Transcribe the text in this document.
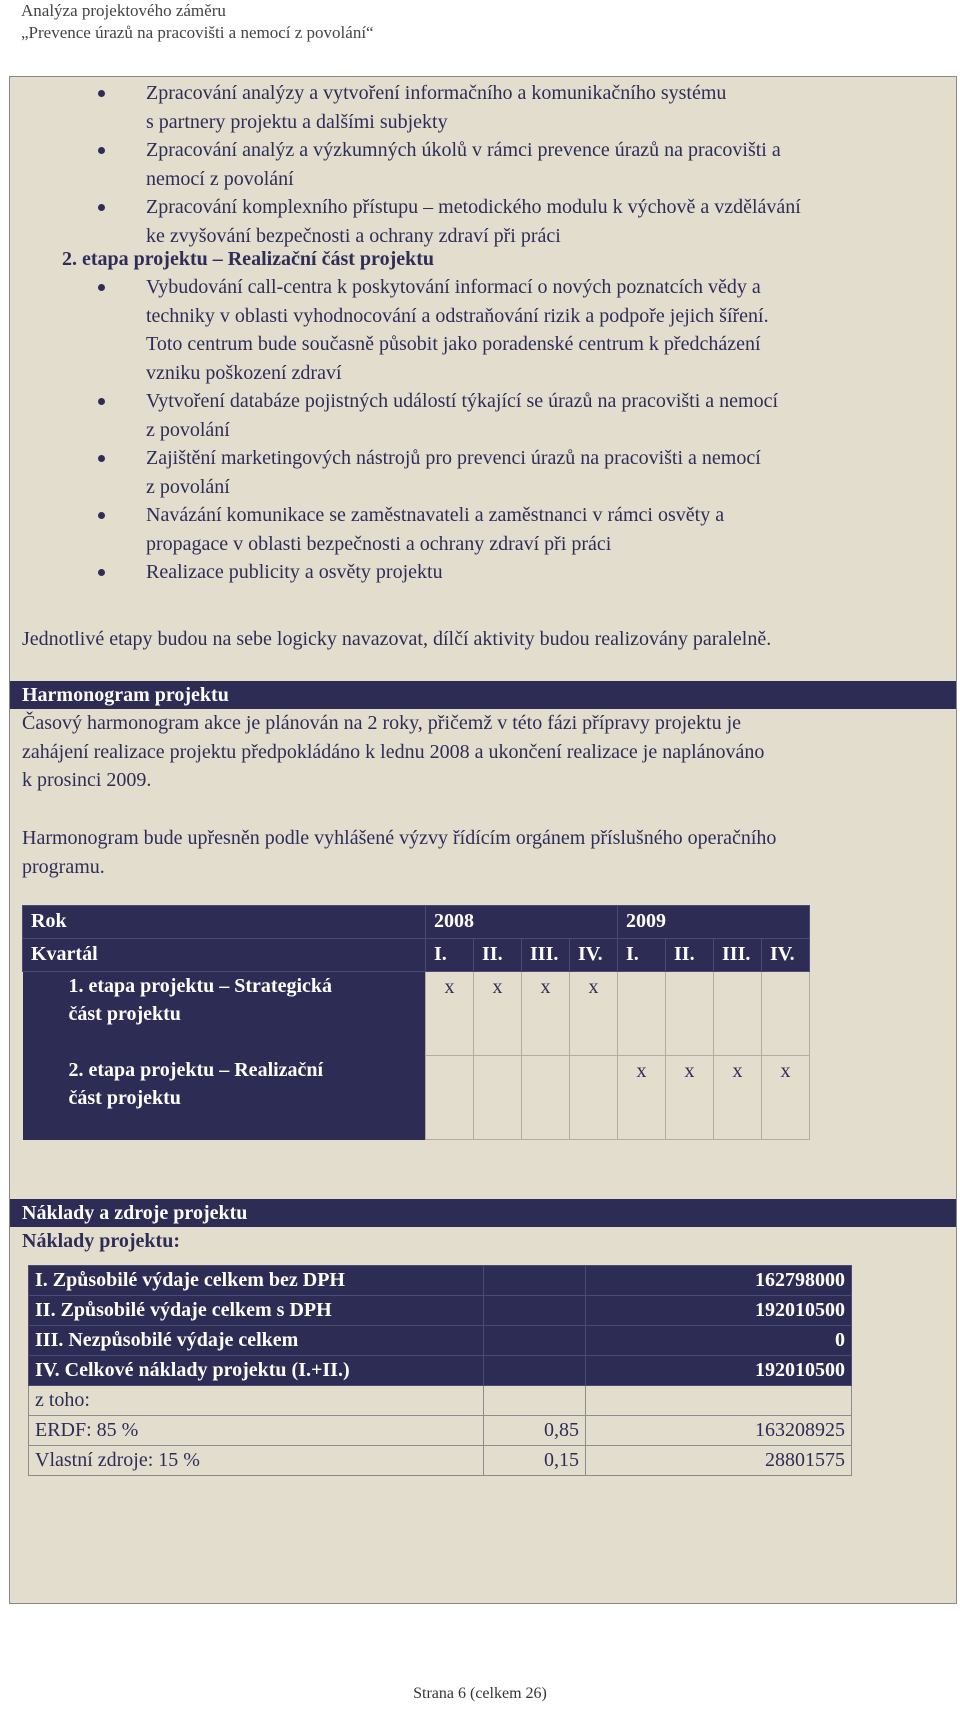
Analýza projektového záměru
„Prevence úrazů na pracovišti a nemocí z povolání“
Zpracování analýzy a vytvoření informačního a komunikačního systému
s partnery projektu a dalšími subjekty
Zpracování analýz a výzkumných úkolů v rámci prevence úrazů na pracovišti a
nemocí z povolání
Zpracování komplexního přístupu – metodického modulu k výchově a vzdělávání
ke zvyšování bezpečnosti a ochrany zdraví při práci
2. etapa projektu – Realizační část projektu
Vybudování call-centra k poskytování informací o nových poznatcích vědy a
techniky v oblasti vyhodnocování a odstraňování rizik a podpoře jejich šíření.
Toto centrum bude současně působit jako poradenské centrum k předcházení
vzniku poškození zdraví
Vytvoření databáze pojistných událostí týkající se úrazů na pracovišti a nemocí
z povolání
Zajištění marketingových nástrojů pro prevenci úrazů na pracovišti a nemocí
z povolání
Navázání komunikace se zaměstnavateli a zaměstnanci v rámci osvěty a
propagace v oblasti bezpečnosti a ochrany zdraví při práci
Realizace publicity a osvěty projektu
Jednotlivé etapy budou na sebe logicky navazovat, dílčí aktivity budou realizovány paralelně.
Harmonogram projektu
Časový harmonogram akce je plánován na 2 roky, přičemž v této fázi přípravy projektu je
zahájení realizace projektu předpokládáno k lednu 2008 a ukončení realizace je naplánováno
k prosinci 2009.
Harmonogram bude upřesněn podle vyhlášené výzvy řídícím orgánem příslušného operačního
programu.
Rok	2008				2009			
Kvartál	I.	II.	III.	IV.	I.	II.	III.	IV.

1. etapa projektu – Strategická
část projektu	x	x	x	x				

2. etapa projektu – Realizační
část projektu					x	x	x	x
Náklady a zdroje projektu
Náklady projektu:
I. Způsobilé výdaje celkem bez DPH		162798000
II. Způsobilé výdaje celkem s DPH		192010500
III. Nezpůsobilé výdaje celkem		0
IV. Celkové náklady projektu (I.+II.)		192010500
z toho:		
ERDF: 85 %	0,85	163208925
Vlastní zdroje: 15 %	0,15	28801575
Strana 6 (celkem 26)
